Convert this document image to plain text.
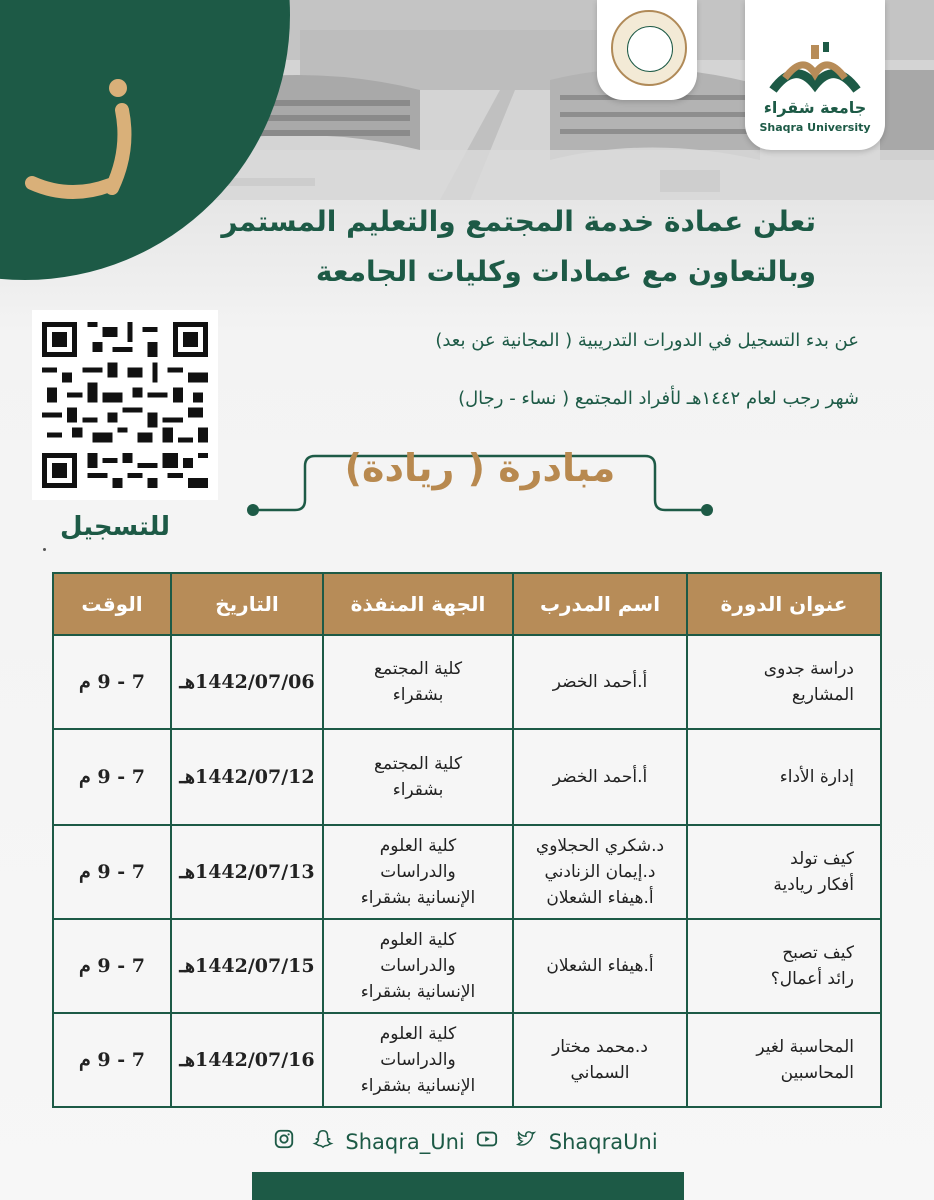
جامعة شقراء
Shaqra University
تعلن عمادة خدمة المجتمع والتعليم المستمر
وبالتعاون مع عمادات وكليات الجامعة
عن بدء التسجيل في الدورات التدريبية ( المجانية عن بعد)
شهر رجب لعام ١٤٤٢هـ لأفراد المجتمع ( نساء - رجال)
للتسجيل
مبادرة ( ريادة)
عنوان الدورة	اسم المدرب	الجهة المنفذة	التاريخ	الوقت
دراسة جدوى
المشاريع	أ.أحمد الخضر	كلية المجتمع
بشقراء	1442/07/06هـ	7 - 9 م
إدارة الأداء	أ.أحمد الخضر	كلية المجتمع
بشقراء	1442/07/12هـ	7 - 9 م
كيف تولد
أفكار ريادية	د.شكري الحجلاوي
د.إيمان الزنادني
أ.هيفاء الشعلان	كلية العلوم
والدراسات
الإنسانية بشقراء	1442/07/13هـ	7 - 9 م
كيف تصبح
رائد أعمال؟	أ.هيفاء الشعلان	كلية العلوم
والدراسات
الإنسانية بشقراء	1442/07/15هـ	7 - 9 م
المحاسبة لغير
المحاسبين	د.محمد مختار
السماني	كلية العلوم
والدراسات
الإنسانية بشقراء	1442/07/16هـ	7 - 9 م
Shaqra_Uni	ShaqraUni
